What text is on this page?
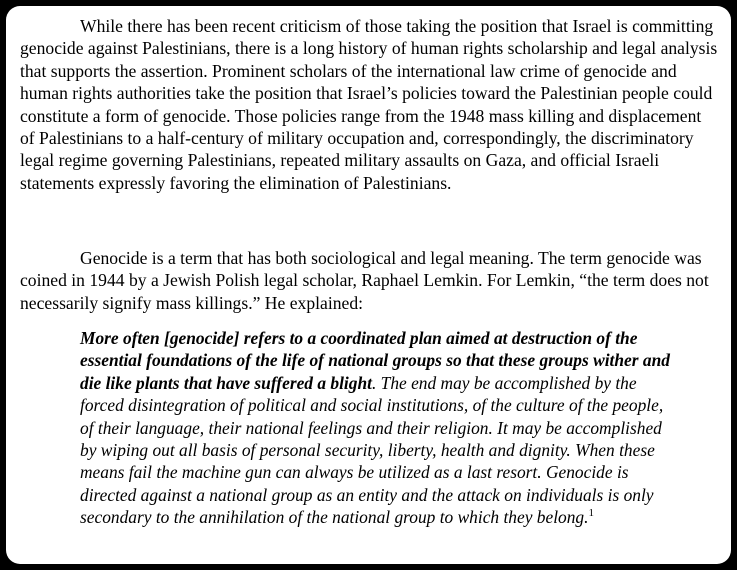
While there has been recent criticism of those taking the position that Israel is committing genocide against Palestinians, there is a long history of human rights scholarship and legal analysis that supports the assertion. Prominent scholars of the international law crime of genocide and human rights authorities take the position that Israel’s policies toward the Palestinian people could constitute a form of genocide. Those policies range from the 1948 mass killing and displacement of Palestinians to a half-century of military occupation and, correspondingly, the discriminatory legal regime governing Palestinians, repeated military assaults on Gaza, and official Israeli statements expressly favoring the elimination of Palestinians.

Genocide is a term that has both sociological and legal meaning. The term genocide was coined in 1944 by a Jewish Polish legal scholar, Raphael Lemkin. For Lemkin, “the term does not necessarily signify mass killings.” He explained:

More often [genocide] refers to a coordinated plan aimed at destruction of the essential foundations of the life of national groups so that these groups wither and die like plants that have suffered a blight. The end may be accomplished by the forced disintegration of political and social institutions, of the culture of the people, of their language, their national feelings and their religion. It may be accomplished by wiping out all basis of personal security, liberty, health and dignity. When these means fail the machine gun can always be utilized as a last resort. Genocide is directed against a national group as an entity and the attack on individuals is only secondary to the annihilation of the national group to which they belong.$^1$
